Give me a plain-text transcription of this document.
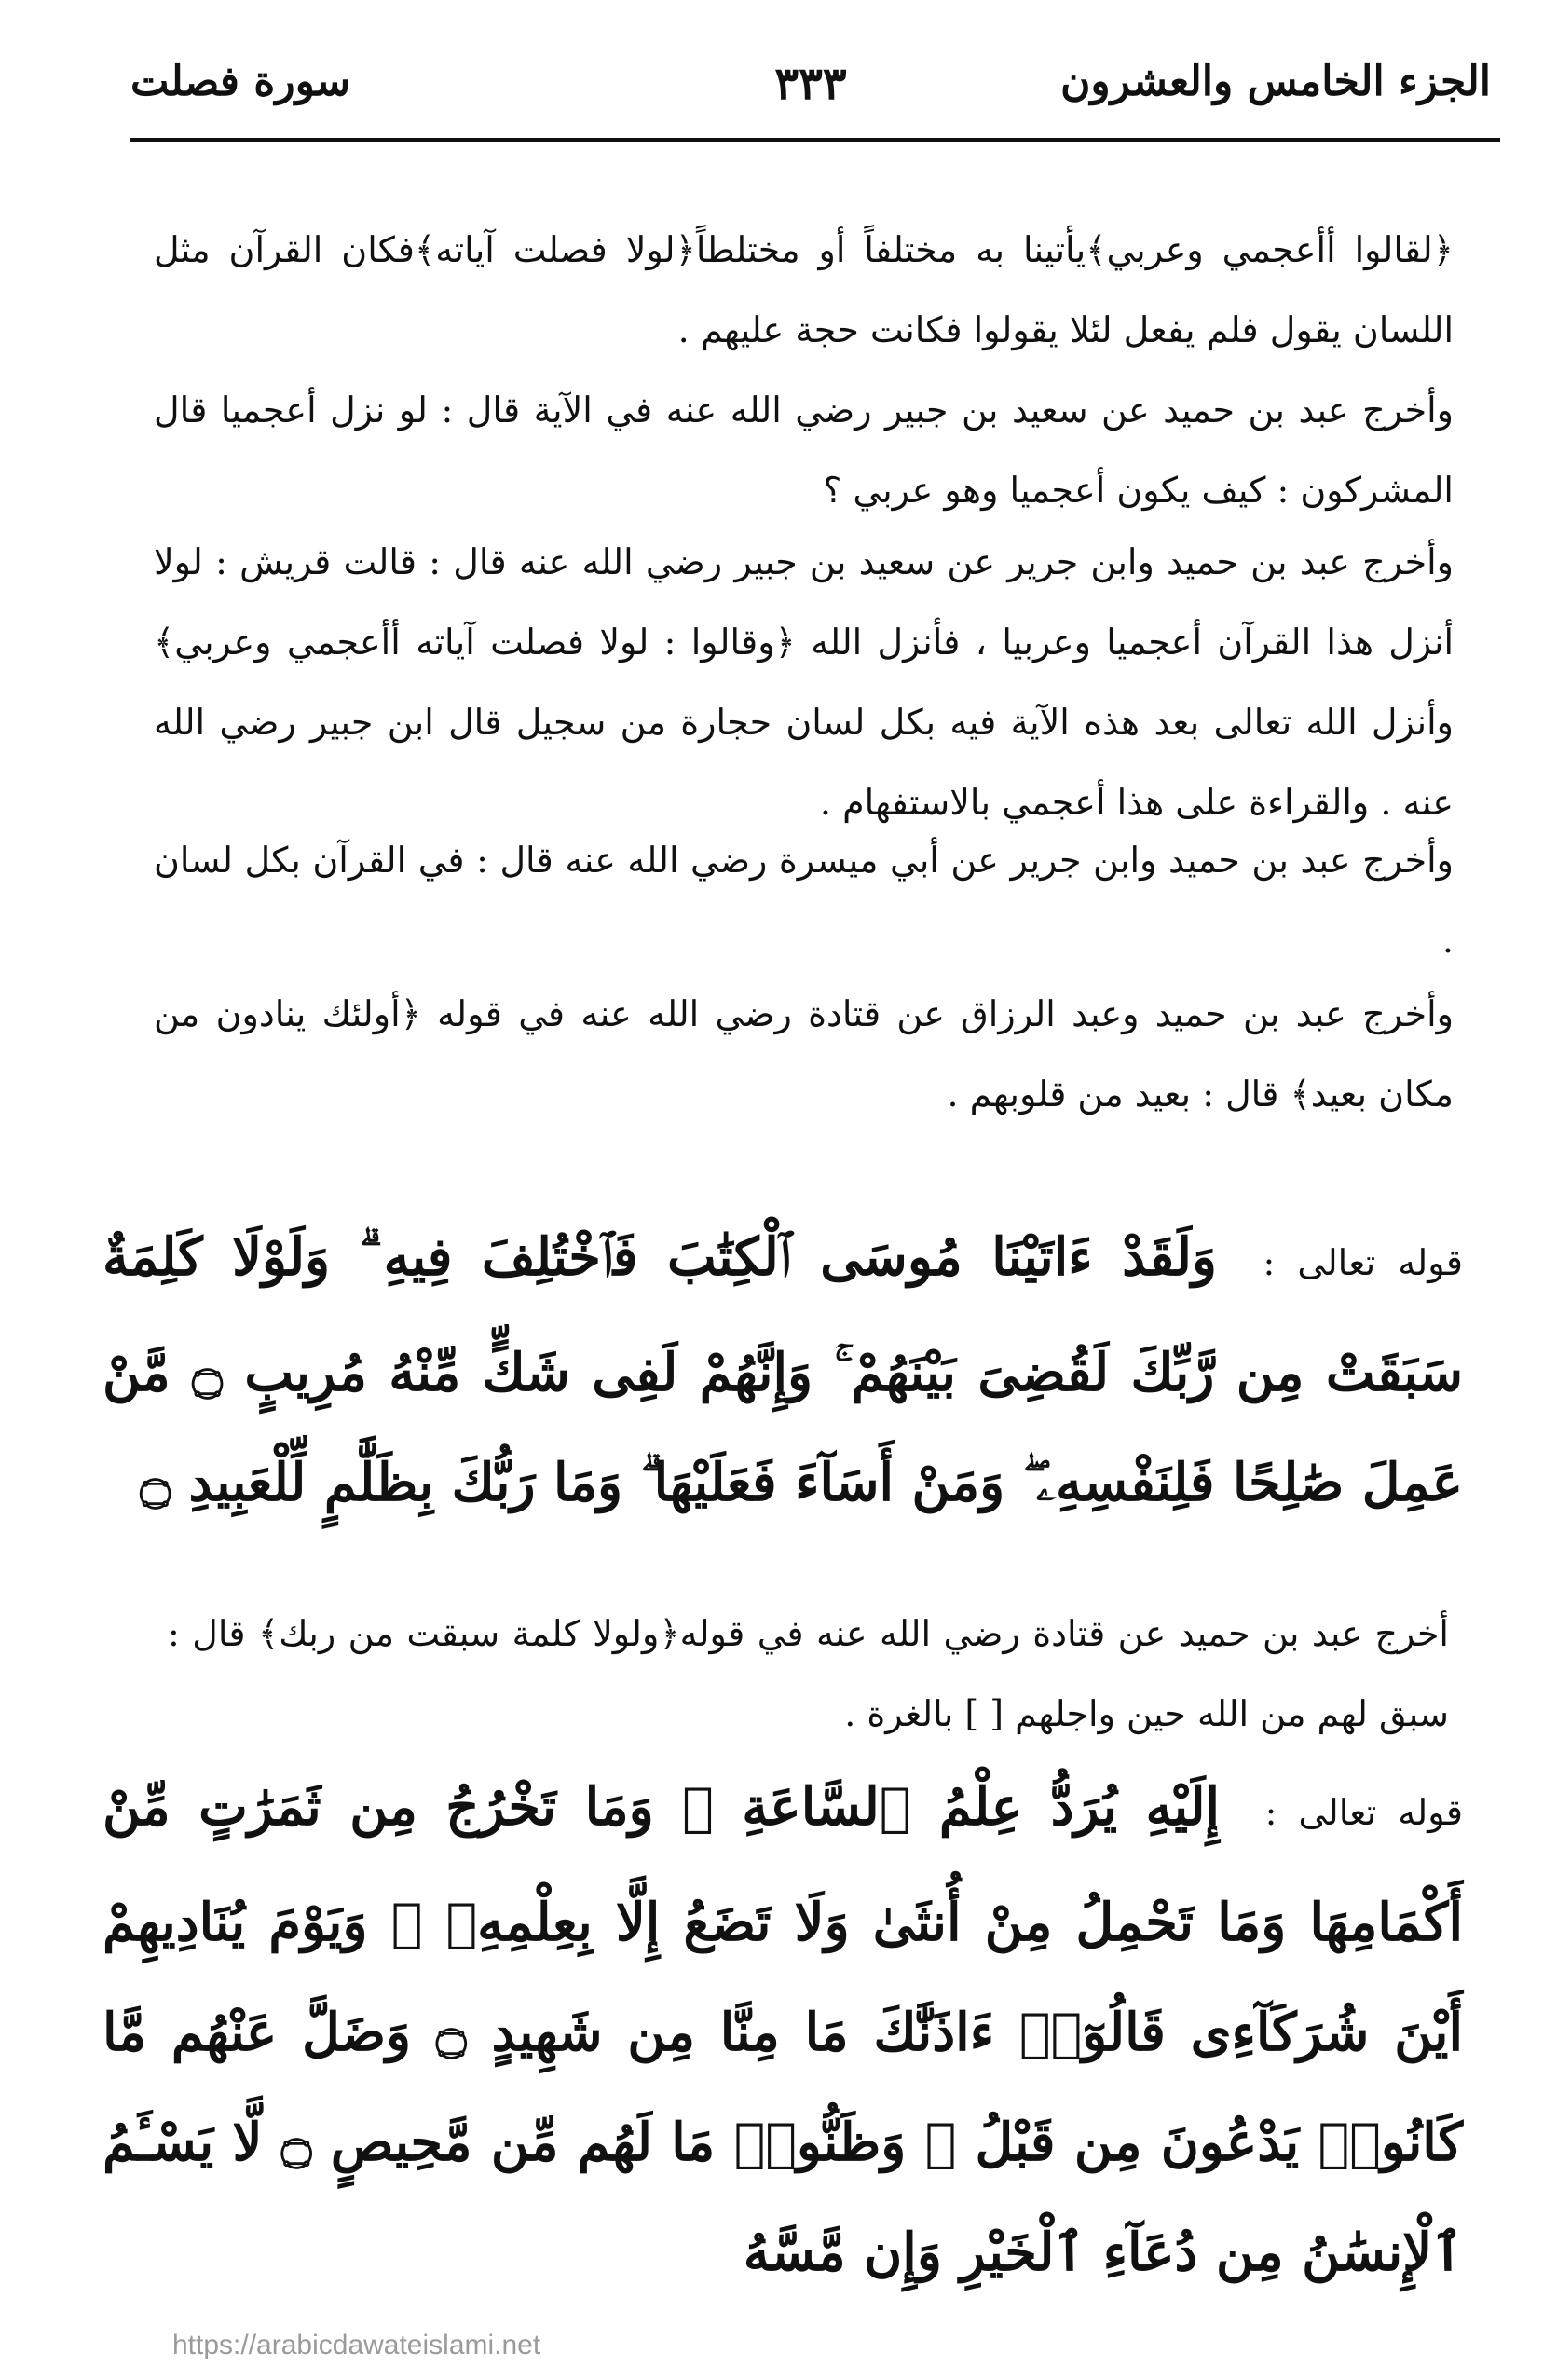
الجزء الخامس والعشرون
٣٣٣
سورة فصلت
﴿لقالوا أأعجمي وعربي﴾يأتينا به مختلفاً أو مختلطاً﴿لولا فصلت آياته﴾فكان القرآن مثل اللسان يقول فلم يفعل لئلا يقولوا فكانت حجة عليهم .
وأخرج عبد بن حميد عن سعيد بن جبير رضي الله عنه في الآية قال : لو نزل أعجميا قال المشركون : كيف يكون أعجميا وهو عربي ؟
وأخرج عبد بن حميد وابن جرير عن سعيد بن جبير رضي الله عنه قال : قالت قريش : لولا أنزل هذا القرآن أعجميا وعربيا ، فأنزل الله ﴿وقالوا : لولا فصلت آياته أأعجمي وعربي﴾ وأنزل الله تعالى بعد هذه الآية فيه بكل لسان حجارة من سجيل قال ابن جبير رضي الله عنه . والقراءة على هذا أعجمي بالاستفهام .
وأخرج عبد بن حميد وابن جرير عن أبي ميسرة رضي الله عنه قال : في القرآن بكل لسان .
وأخرج عبد بن حميد وعبد الرزاق عن قتادة رضي الله عنه في قوله ﴿أولئك ينادون من مكان بعيد﴾ قال : بعيد من قلوبهم .
قوله تعالى : وَلَقَدْ ءَاتَيْنَا مُوسَى ٱلْكِتَٰبَ فَٱخْتُلِفَ فِيهِ ۗ وَلَوْلَا كَلِمَةٌ سَبَقَتْ مِن رَّبِّكَ لَقُضِىَ بَيْنَهُمْ ۚ وَإِنَّهُمْ لَفِى شَكٍّ مِّنْهُ مُرِيبٍ ۝ مَّنْ عَمِلَ صَٰلِحًا فَلِنَفْسِهِۦ ۖ وَمَنْ أَسَآءَ فَعَلَيْهَا ۗ وَمَا رَبُّكَ بِظَلَّٰمٍ لِّلْعَبِيدِ ۝
أخرج عبد بن حميد عن قتادة رضي الله عنه في قوله﴿ولولا كلمة سبقت من ربك﴾ قال : سبق لهم من الله حين واجلهم [ ] بالغرة .
قوله تعالى : إِلَيْهِ يُرَدُّ عِلْمُ ٱلسَّاعَةِ ۚ وَمَا تَخْرُجُ مِن ثَمَرَٰتٍ مِّنْ أَكْمَامِهَا وَمَا تَحْمِلُ مِنْ أُنثَىٰ وَلَا تَضَعُ إِلَّا بِعِلْمِهِۦ ۚ وَيَوْمَ يُنَادِيهِمْ أَيْنَ شُرَكَآءِى قَالُوٓا۟ ءَاذَنَّٰكَ مَا مِنَّا مِن شَهِيدٍ ۝ وَضَلَّ عَنْهُم مَّا كَانُوا۟ يَدْعُونَ مِن قَبْلُ ۖ وَظَنُّوا۟ مَا لَهُم مِّن مَّحِيصٍ ۝ لَّا يَسْـَٔمُ ٱلْإِنسَٰنُ مِن دُعَآءِ ٱلْخَيْرِ وَإِن مَّسَّهُ
https://arabicdawateislami.net
